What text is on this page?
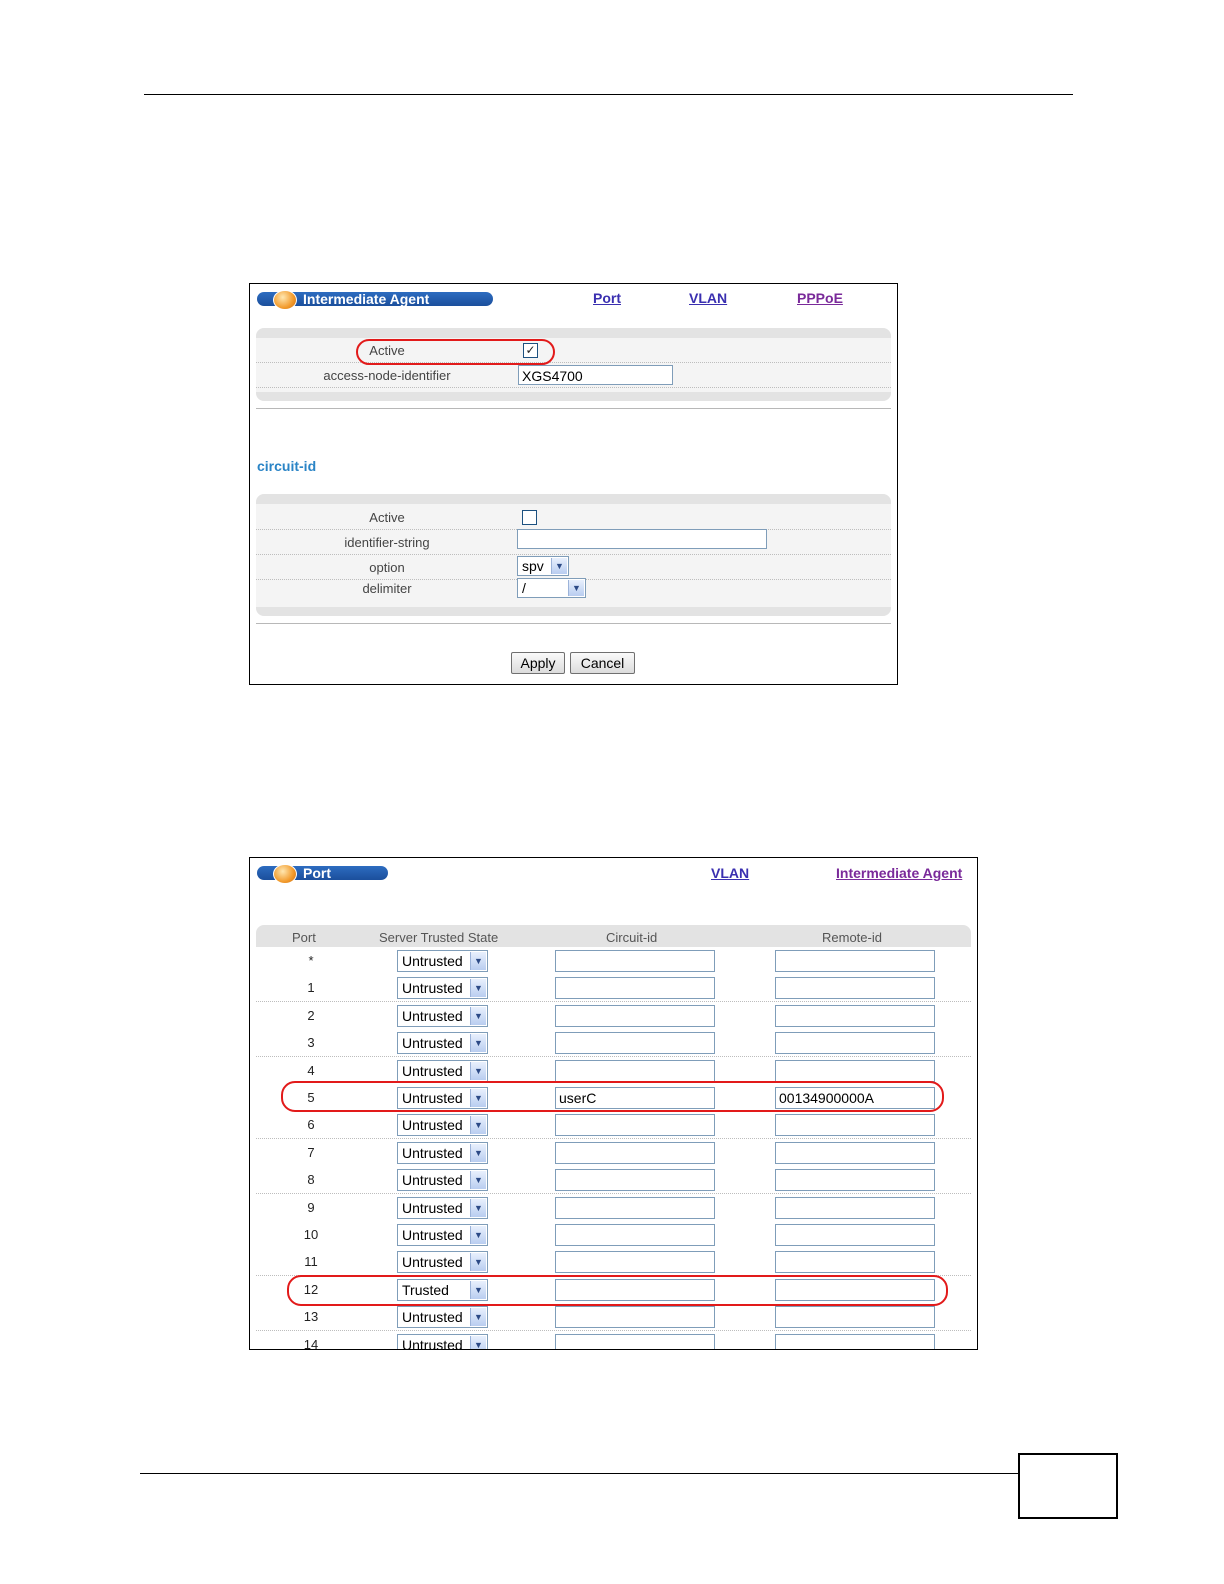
Intermediate Agent	Port	VLAN	PPPoE
Active	✓
access-node-identifier	XGS4700
circuit-id
Active
identifier-string
option	spv	▼
delimiter	/	▼
Apply	Cancel
Port	VLAN	Intermediate Agent
Port	Server Trusted State	Circuit-id	Remote-id
*	Untrusted	▼
1	Untrusted	▼
2	Untrusted	▼
3	Untrusted	▼
4	Untrusted	▼
5	Untrusted	▼	userC	00134900000A
6	Untrusted	▼
7	Untrusted	▼
8	Untrusted	▼
9	Untrusted	▼
10	Untrusted	▼
11	Untrusted	▼
12	Trusted	▼
13	Untrusted	▼
14	Untrusted	▼
